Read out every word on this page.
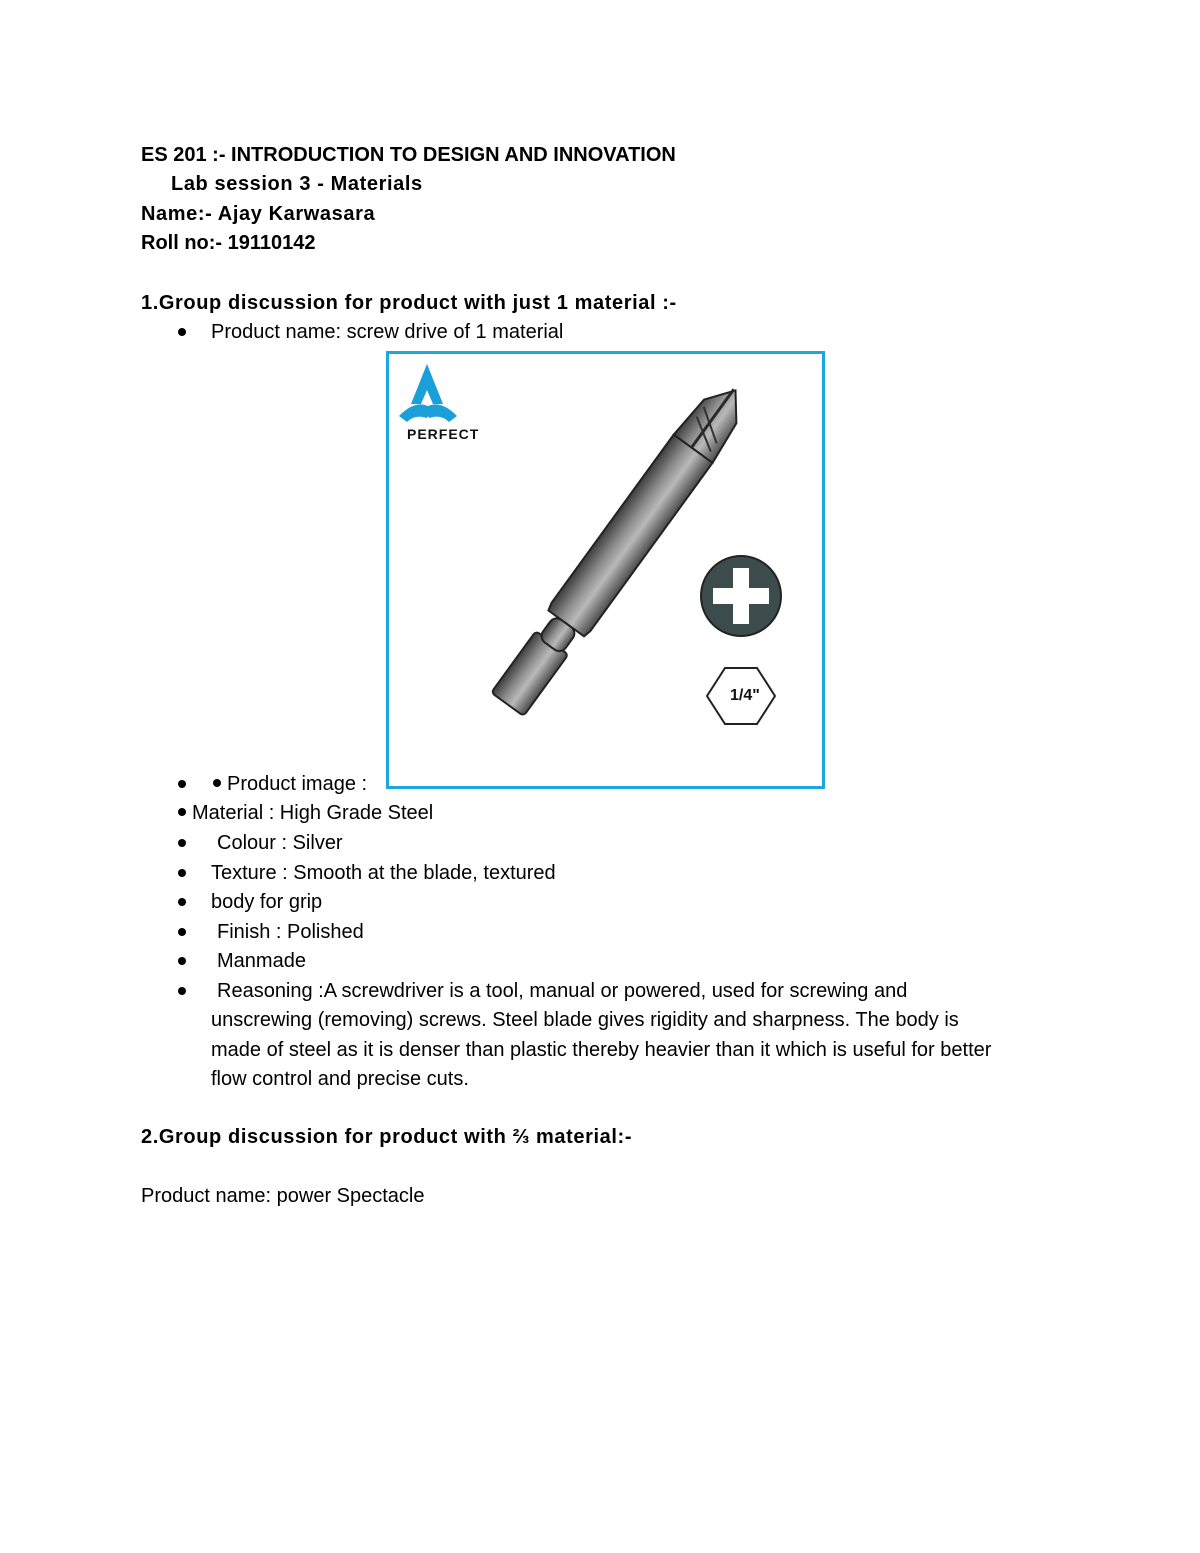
ES 201 :- INTRODUCTION TO DESIGN AND INNOVATION
Lab session 3 - Materials
Name:- Ajay Karwasara
Roll no:- 19110142
1.Group discussion for product with just 1 material :-
Product name: screw drive of 1 material
PERFECT
1/4"
Product image :
Material : High Grade Steel
Colour : Silver
Texture : Smooth at the blade, textured
body for grip
Finish : Polished
Manmade
Reasoning :A screwdriver is a tool, manual or powered, used for screwing and
unscrewing (removing) screws. Steel blade gives rigidity and sharpness. The body is
made of steel as it is denser than plastic thereby heavier than it which is useful for better
flow control and precise cuts.
2.Group discussion for product with ⅔ material:-
Product name: power Spectacle
